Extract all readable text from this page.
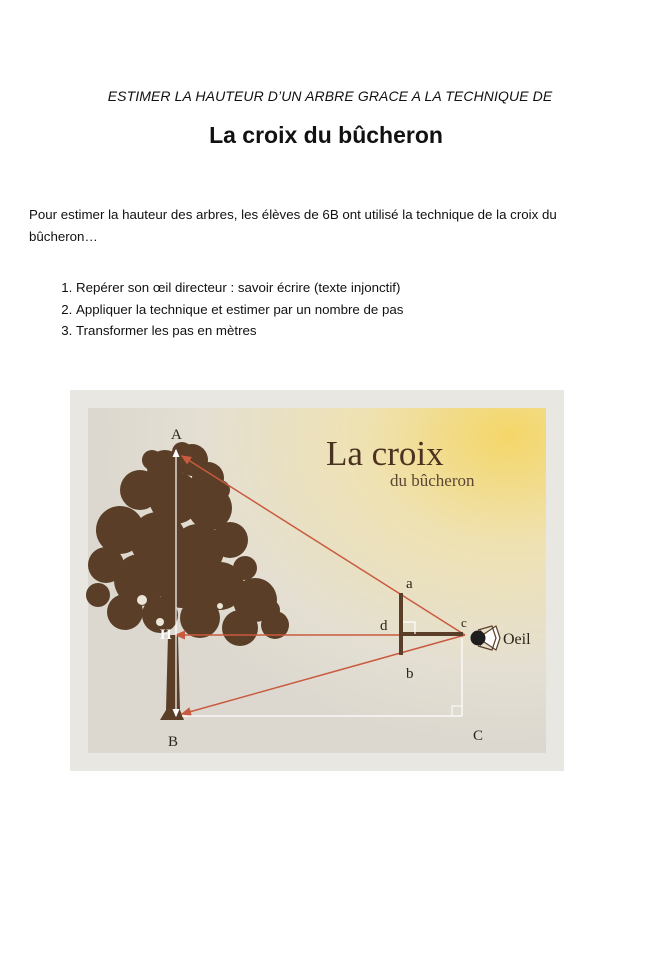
ESTIMER LA HAUTEUR D’UN ARBRE GRACE A LA TECHNIQUE DE
La croix du bûcheron
Pour estimer la hauteur des arbres, les élèves de 6B ont utilisé la technique de la croix du bûcheron…
1. Repérer son œil directeur : savoir écrire (texte injonctif)
2. Appliquer la technique et estimer par un nombre de pas
3. Transformer les pas en mètres
La croix
du bûcheron
A
B	C
H
a
b
c
d
Oeil
